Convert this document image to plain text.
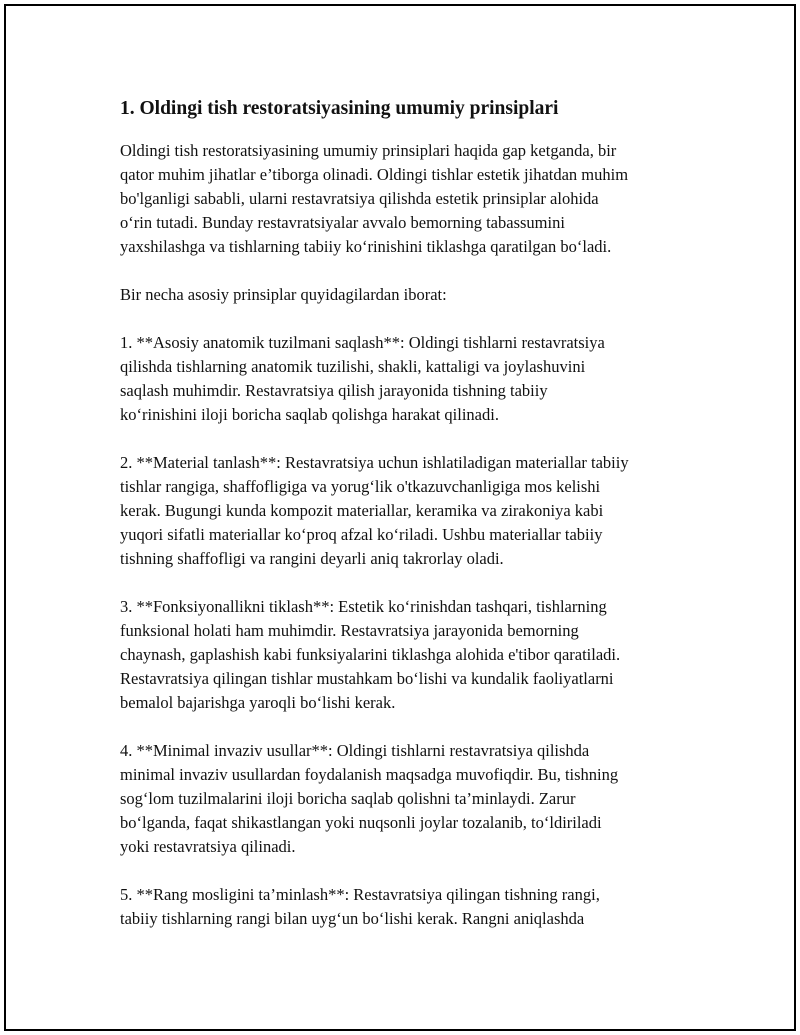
1. Oldingi tish restoratsiyasining umumiy prinsiplari

Oldingi tish restoratsiyasining umumiy prinsiplari haqida gap ketganda, bir
qator muhim jihatlar e’tiborga olinadi. Oldingi tishlar estetik jihatdan muhim
bo'lganligi sababli, ularni restavratsiya qilishda estetik prinsiplar alohida
o‘rin tutadi. Bunday restavratsiyalar avvalo bemorning tabassumini
yaxshilashga va tishlarning tabiiy ko‘rinishini tiklashga qaratilgan bo‘ladi.

Bir necha asosiy prinsiplar quyidagilardan iborat:

1. **Asosiy anatomik tuzilmani saqlash**: Oldingi tishlarni restavratsiya
qilishda tishlarning anatomik tuzilishi, shakli, kattaligi va joylashuvini
saqlash muhimdir. Restavratsiya qilish jarayonida tishning tabiiy
ko‘rinishini iloji boricha saqlab qolishga harakat qilinadi.

2. **Material tanlash**: Restavratsiya uchun ishlatiladigan materiallar tabiiy
tishlar rangiga, shaffofligiga va yorug‘lik o'tkazuvchanligiga mos kelishi
kerak. Bugungi kunda kompozit materiallar, keramika va zirakoniya kabi
yuqori sifatli materiallar ko‘proq afzal ko‘riladi. Ushbu materiallar tabiiy
tishning shaffofligi va rangini deyarli aniq takrorlay oladi.

3. **Fonksiyonallikni tiklash**: Estetik ko‘rinishdan tashqari, tishlarning
funksional holati ham muhimdir. Restavratsiya jarayonida bemorning
chaynash, gaplashish kabi funksiyalarini tiklashga alohida e'tibor qaratiladi.
Restavratsiya qilingan tishlar mustahkam bo‘lishi va kundalik faoliyatlarni
bemalol bajarishga yaroqli bo‘lishi kerak.

4. **Minimal invaziv usullar**: Oldingi tishlarni restavratsiya qilishda
minimal invaziv usullardan foydalanish maqsadga muvofiqdir. Bu, tishning
sog‘lom tuzilmalarini iloji boricha saqlab qolishni ta’minlaydi. Zarur
bo‘lganda, faqat shikastlangan yoki nuqsonli joylar tozalanib, to‘ldiriladi
yoki restavratsiya qilinadi.

5. **Rang mosligini ta’minlash**: Restavratsiya qilingan tishning rangi,
tabiiy tishlarning rangi bilan uyg‘un bo‘lishi kerak. Rangni aniqlashda
